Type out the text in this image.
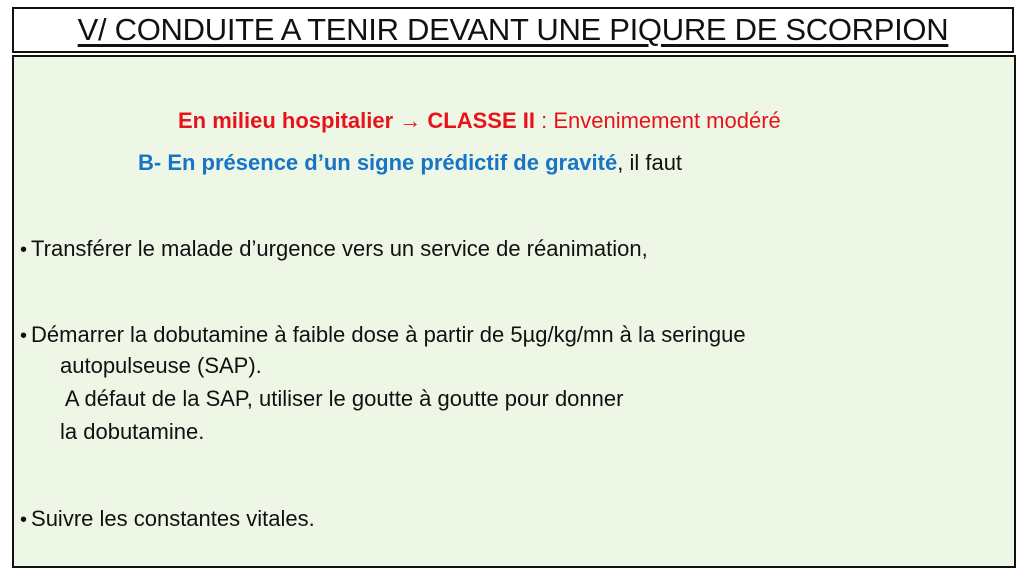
V/ CONDUITE A TENIR DEVANT UNE PIQURE DE SCORPION
En milieu hospitalier → CLASSE II : Envenimement modéré
B- En présence d’un signe prédictif de gravité, il faut
• Transférer le malade d’urgence vers un service de réanimation,
• Démarrer la dobutamine à faible dose à partir de 5µg/kg/mn à la seringue
autopulseuse (SAP).
A défaut de la SAP, utiliser le goutte à goutte pour donner
la dobutamine.
• Suivre les constantes vitales.
